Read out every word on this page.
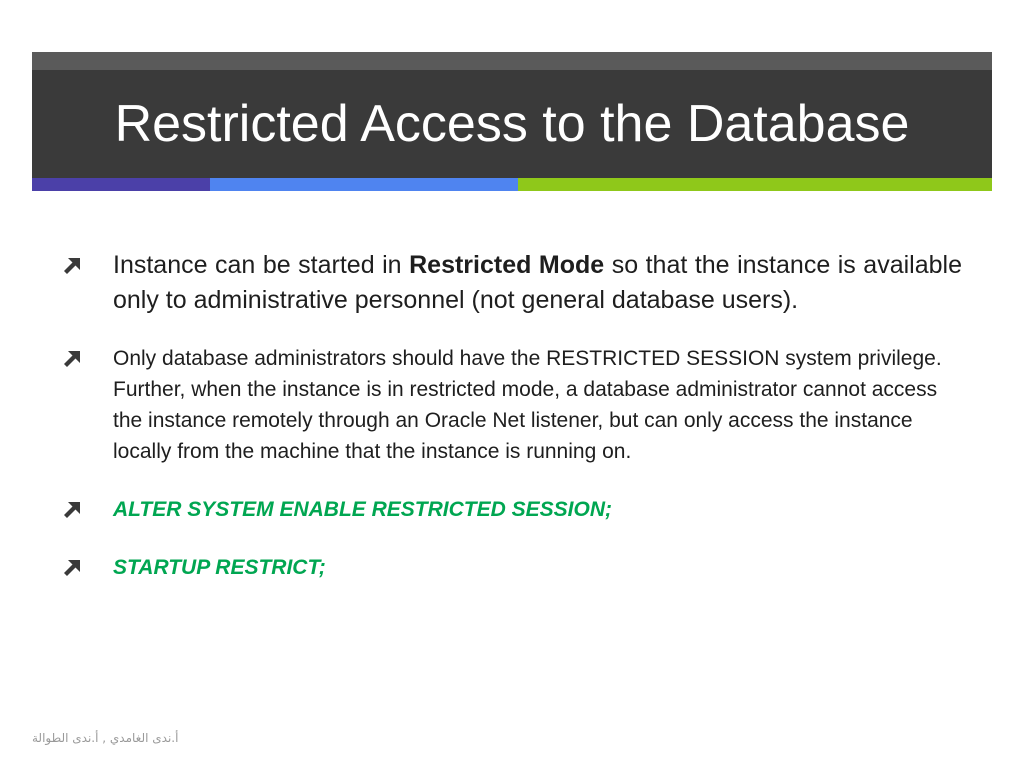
Restricted Access to the Database

Instance can be started in Restricted Mode so that the instance is available only to administrative personnel (not general database users).

Only database administrators should have the RESTRICTED SESSION system privilege. Further, when the instance is in restricted mode, a database administrator cannot access the instance remotely through an Oracle Net listener, but can only access the instance locally from the machine that the instance is running on.

ALTER SYSTEM ENABLE RESTRICTED SESSION;

STARTUP RESTRICT;

أ.ندى الغامدي , أ.ندى الطوالة
